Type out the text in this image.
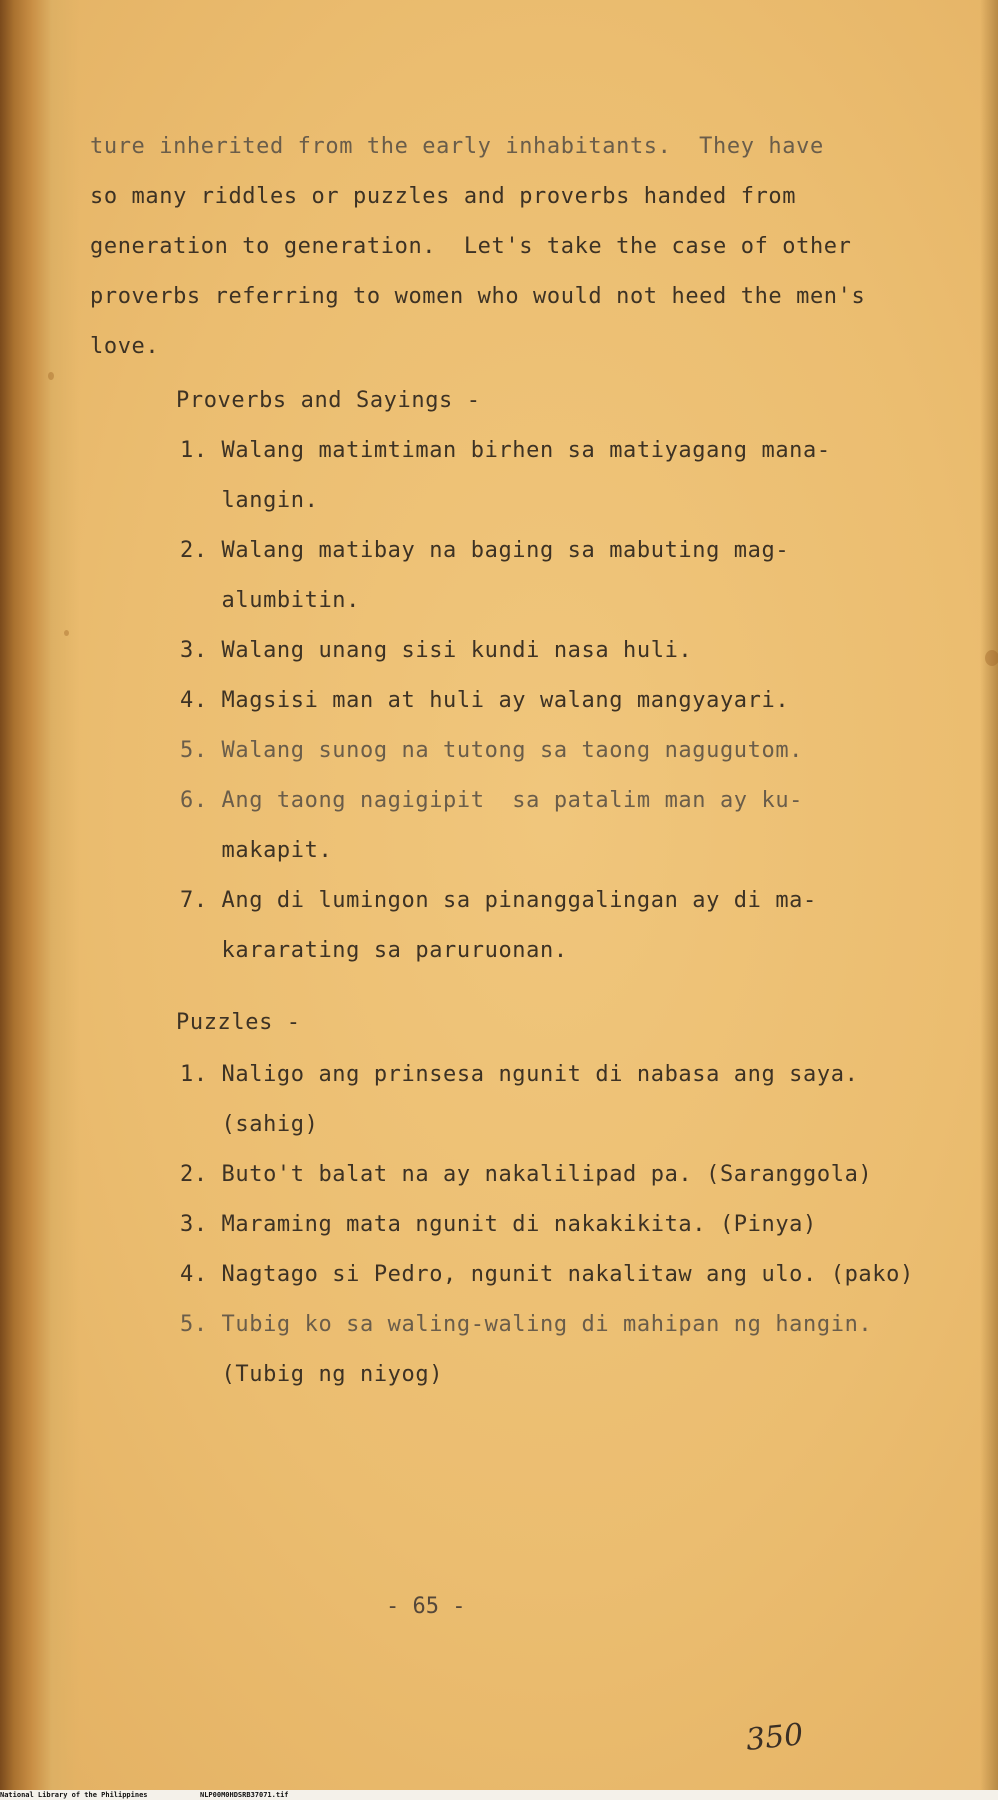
ture inherited from the early inhabitants.  They have

so many riddles or puzzles and proverbs handed from

generation to generation.  Let's take the case of other

proverbs referring to women who would not heed the men's

love.

Proverbs and Sayings -

1. Walang matimtiman birhen sa matiyagang mana-

langin.

2. Walang matibay na baging sa mabuting mag-

alumbitin.

3. Walang unang sisi kundi nasa huli.

4. Magsisi man at huli ay walang mangyayari.

5. Walang sunog na tutong sa taong nagugutom.

6. Ang taong nagigipit  sa patalim man ay ku-

makapit.

7. Ang di lumingon sa pinanggalingan ay di ma-

kararating sa paruruonan.

Puzzles -

1. Naligo ang prinsesa ngunit di nabasa ang saya.

(sahig)

2. Buto't balat na ay nakalilipad pa. (Saranggola)

3. Maraming mata ngunit di nakakikita. (Pinya)

4. Nagtago si Pedro, ngunit nakalitaw ang ulo. (pako)

5. Tubig ko sa waling-waling di mahipan ng hangin.

(Tubig ng niyog)

- 65 -
350
National Library of the Philippines	NLP00M0HDSRB37071.tif
